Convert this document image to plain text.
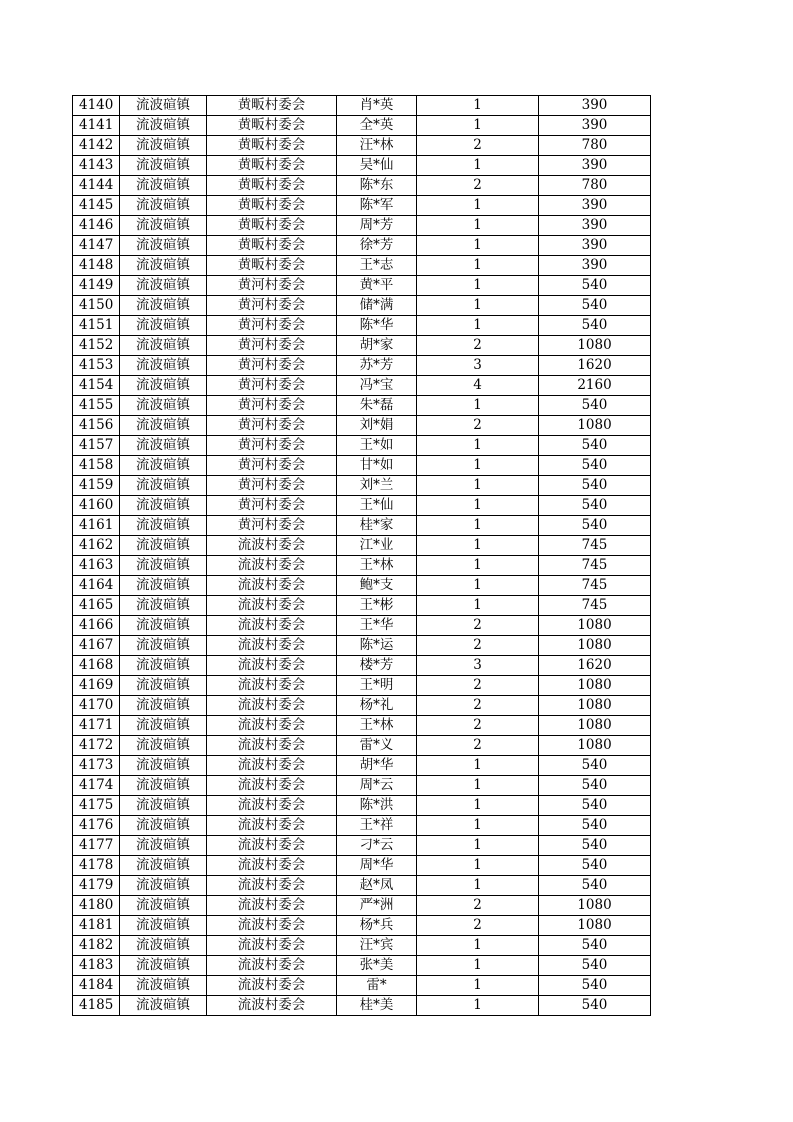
4140	流波碹镇	黄畈村委会	肖*英	1	390
4141	流波碹镇	黄畈村委会	全*英	1	390
4142	流波碹镇	黄畈村委会	汪*林	2	780
4143	流波碹镇	黄畈村委会	吴*仙	1	390
4144	流波碹镇	黄畈村委会	陈*东	2	780
4145	流波碹镇	黄畈村委会	陈*军	1	390
4146	流波碹镇	黄畈村委会	周*芳	1	390
4147	流波碹镇	黄畈村委会	徐*芳	1	390
4148	流波碹镇	黄畈村委会	王*志	1	390
4149	流波碹镇	黄河村委会	黄*平	1	540
4150	流波碹镇	黄河村委会	储*满	1	540
4151	流波碹镇	黄河村委会	陈*华	1	540
4152	流波碹镇	黄河村委会	胡*家	2	1080
4153	流波碹镇	黄河村委会	苏*芳	3	1620
4154	流波碹镇	黄河村委会	冯*宝	4	2160
4155	流波碹镇	黄河村委会	朱*磊	1	540
4156	流波碹镇	黄河村委会	刘*娟	2	1080
4157	流波碹镇	黄河村委会	王*如	1	540
4158	流波碹镇	黄河村委会	甘*如	1	540
4159	流波碹镇	黄河村委会	刘*兰	1	540
4160	流波碹镇	黄河村委会	王*仙	1	540
4161	流波碹镇	黄河村委会	桂*家	1	540
4162	流波碹镇	流波村委会	江*业	1	745
4163	流波碹镇	流波村委会	王*林	1	745
4164	流波碹镇	流波村委会	鲍*支	1	745
4165	流波碹镇	流波村委会	王*彬	1	745
4166	流波碹镇	流波村委会	王*华	2	1080
4167	流波碹镇	流波村委会	陈*运	2	1080
4168	流波碹镇	流波村委会	楼*芳	3	1620
4169	流波碹镇	流波村委会	王*明	2	1080
4170	流波碹镇	流波村委会	杨*礼	2	1080
4171	流波碹镇	流波村委会	王*林	2	1080
4172	流波碹镇	流波村委会	雷*义	2	1080
4173	流波碹镇	流波村委会	胡*华	1	540
4174	流波碹镇	流波村委会	周*云	1	540
4175	流波碹镇	流波村委会	陈*洪	1	540
4176	流波碹镇	流波村委会	王*祥	1	540
4177	流波碹镇	流波村委会	刁*云	1	540
4178	流波碹镇	流波村委会	周*华	1	540
4179	流波碹镇	流波村委会	赵*凤	1	540
4180	流波碹镇	流波村委会	严*洲	2	1080
4181	流波碹镇	流波村委会	杨*兵	2	1080
4182	流波碹镇	流波村委会	汪*宾	1	540
4183	流波碹镇	流波村委会	张*美	1	540
4184	流波碹镇	流波村委会	雷*	1	540
4185	流波碹镇	流波村委会	桂*美	1	540
